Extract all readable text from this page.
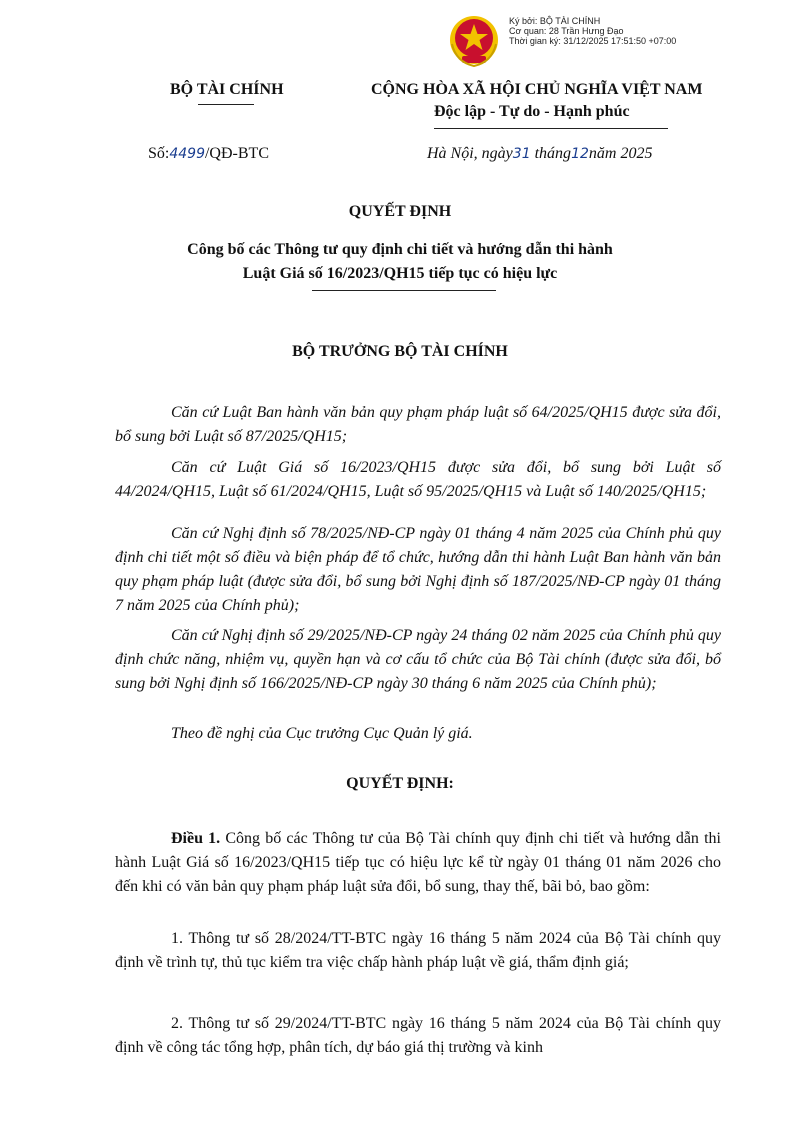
Ký bởi: BỘ TÀI CHÍNH
Cơ quan: 28 Trần Hưng Đạo
Thời gian ký: 31/12/2025 17:51:50 +07:00
BỘ TÀI CHÍNH	CỘNG HÒA XÃ HỘI CHỦ NGHĨA VIỆT NAM
Độc lập - Tự do - Hạnh phúc
Số:4499/QĐ-BTC	Hà Nội, ngày31 tháng12năm 2025
QUYẾT ĐỊNH
Công bố các Thông tư quy định chi tiết và hướng dẫn thi hành
Luật Giá số 16/2023/QH15 tiếp tục có hiệu lực
BỘ TRƯỞNG BỘ TÀI CHÍNH
Căn cứ Luật Ban hành văn bản quy phạm pháp luật số 64/2025/QH15 được sửa đổi, bổ sung bởi Luật số 87/2025/QH15;
Căn cứ Luật Giá số 16/2023/QH15 được sửa đổi, bổ sung bởi Luật số 44/2024/QH15, Luật số 61/2024/QH15, Luật số 95/2025/QH15 và Luật số 140/2025/QH15;
Căn cứ Nghị định số 78/2025/NĐ-CP ngày 01 tháng 4 năm 2025 của Chính phủ quy định chi tiết một số điều và biện pháp để tổ chức, hướng dẫn thi hành Luật Ban hành văn bản quy phạm pháp luật (được sửa đổi, bổ sung bởi Nghị định số 187/2025/NĐ-CP ngày 01 tháng 7 năm 2025 của Chính phủ);
Căn cứ Nghị định số 29/2025/NĐ-CP ngày 24 tháng 02 năm 2025 của Chính phủ quy định chức năng, nhiệm vụ, quyền hạn và cơ cấu tổ chức của Bộ Tài chính (được sửa đổi, bổ sung bởi Nghị định số 166/2025/NĐ-CP ngày 30 tháng 6 năm 2025 của Chính phủ);
Theo đề nghị của Cục trưởng Cục Quản lý giá.
QUYẾT ĐỊNH:
Điều 1. Công bố các Thông tư của Bộ Tài chính quy định chi tiết và hướng dẫn thi hành Luật Giá số 16/2023/QH15 tiếp tục có hiệu lực kể từ ngày 01 tháng 01 năm 2026 cho đến khi có văn bản quy phạm pháp luật sửa đổi, bổ sung, thay thế, bãi bỏ, bao gồm:
1. Thông tư số 28/2024/TT-BTC ngày 16 tháng 5 năm 2024 của Bộ Tài chính quy định về trình tự, thủ tục kiểm tra việc chấp hành pháp luật về giá, thẩm định giá;
2. Thông tư số 29/2024/TT-BTC ngày 16 tháng 5 năm 2024 của Bộ Tài chính quy định về công tác tổng hợp, phân tích, dự báo giá thị trường và kinh
